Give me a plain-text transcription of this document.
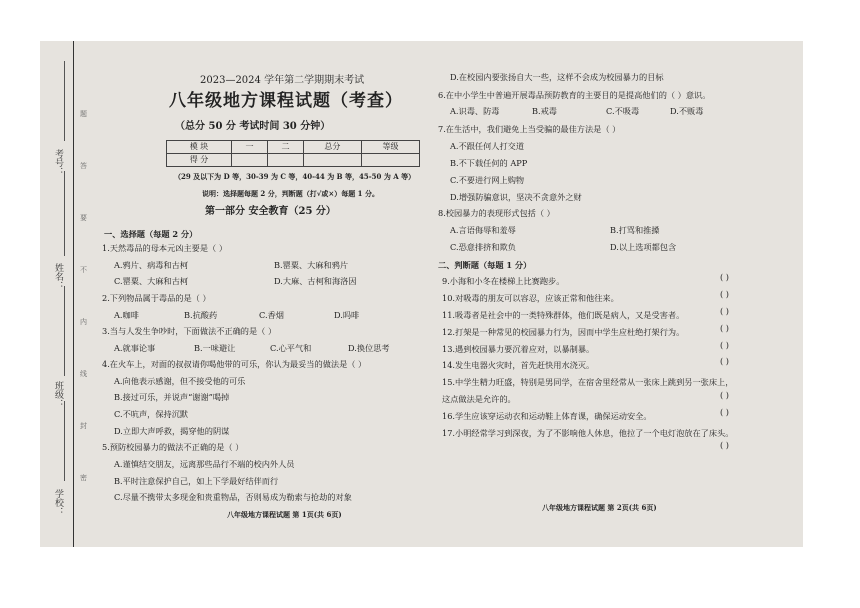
考号：
姓名：
班级：
学校：
题
答
要
不
内
线
封
密
2023—2024 学年第二学期期末考试
八年级地方课程试题（考查）
（总分 50 分 考试时间 30 分钟）
模 块	一	二	总分	等级
得 分				
（29 及以下为 D 等，30-39 为 C 等，40-44 为 B 等，45-50 为 A 等）
说明：选择题每题 2 分，判断题（打√或×）每题 1 分。
第一部分 安全教育（25 分）
一、选择题（每题 2 分）
1.天然毒品的母本元凶主要是（ ）
A.鸦片、病毒和古柯	B.罂粟、大麻和鸦片
C.罂粟、大麻和古柯	D.大麻、古柯和海洛因
2.下列物品属于毒品的是（ ）
A.咖啡	B.抗酸药	C.香烟	D.吗啡
3.当与人发生争吵时，下面做法不正确的是（ ）
A.就事论事	B.一味避让	C.心平气和	D.换位思考
4.在火车上，对面的叔叔请你喝他带的可乐，你认为最妥当的做法是（ ）
A.向他表示感谢，但不接受他的可乐
B.接过可乐，并说声“谢谢”喝掉
C.不吭声，保持沉默
D.立即大声呼救，揭穿他的阴谋
5.预防校园暴力的做法不正确的是（ ）
A.谨慎结交朋友，远离那些品行不端的校内外人员
B.平时注意保护自己，如上下学最好结伴而行
C.尽量不携带太多现金和贵重物品，否则易成为勒索与抢劫的对象
八年级地方课程试题 第 1页(共 6页)
D.在校园内要张扬自大一些，这样不会成为校园暴力的目标
6.在中小学生中普遍开展毒品预防教育的主要目的是提高他们的（ ）意识。
A.识毒、防毒	B.戒毒	C.不吸毒	D.不贩毒
7.在生活中，我们避免上当受骗的最佳方法是（ ）
A.不跟任何人打交道
B.不下载任何的 APP
C.不要进行网上购物
D.增强防骗意识，坚决不贪意外之财
8.校园暴力的表现形式包括（ ）
A.言语侮辱和羞辱	B.打骂和推搡
C.恐意排挤和欺负	D.以上选项都包含
二、判断题（每题 1 分）
9.小海和小冬在楼梯上比赛跑步。	( )
10.对吸毒的朋友可以容忍，应该正常和他往来。	( )
11.吸毒者是社会中的一类特殊群体，他们既是病人，又是受害者。	( )
12.打架是一种常见的校园暴力行为，因而中学生应杜绝打架行为。	( )
13.遇到校园暴力要沉着应对，以暴制暴。	( )
14.发生电器火灾时，首先赶快用水浇灭。	( )
15.中学生精力旺盛，特别是男同学，在宿舍里经常从一张床上跳到另一张床上，
这点做法是允许的。	( )
16.学生应该穿运动衣和运动鞋上体育课，确保运动安全。	( )
17.小明经常学习到深夜，为了不影响他人休息，他拉了一个电灯泡放在了床头。
( )
八年级地方课程试题 第 2页(共 6页)
